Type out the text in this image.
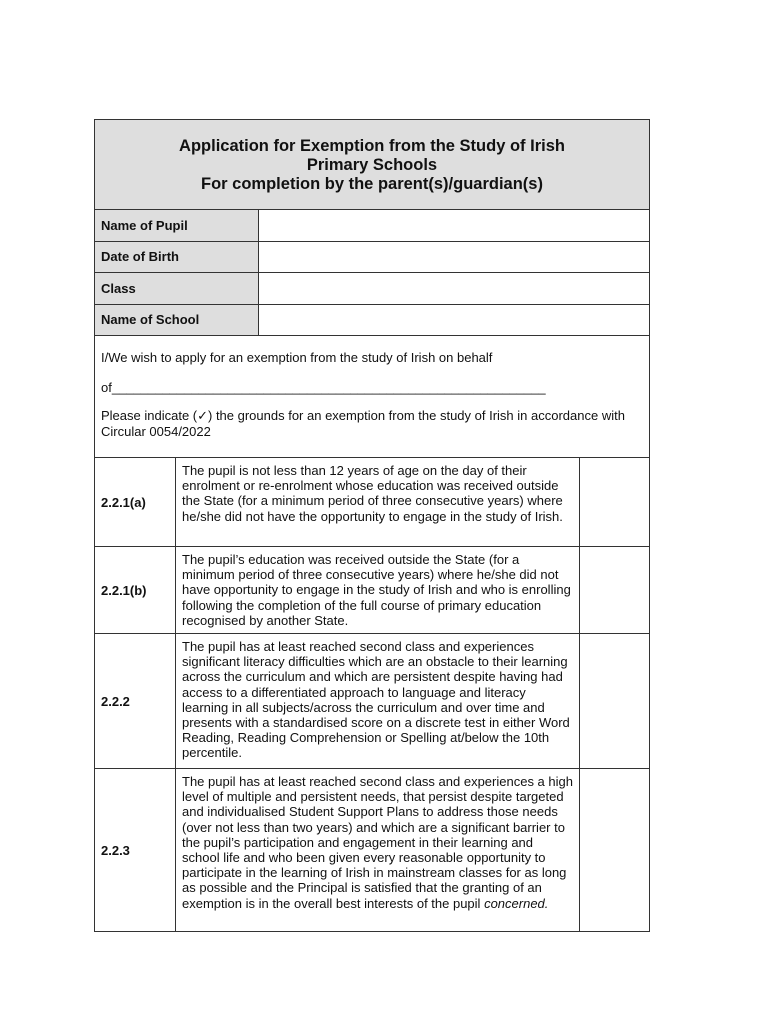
Application for Exemption from the Study of Irish
Primary Schools
For completion by the parent(s)/guardian(s)
Name of Pupil
Date of Birth
Class
Name of School

I/We wish to apply for an exemption from the study of Irish on behalf

of____________________________________________________________

Please indicate (✓) the grounds for an exemption from the study of Irish in accordance with Circular 0054/2022

2.2.1(a)
The pupil is not less than 12 years of age on the day of their enrolment or re-enrolment whose education was received outside the State (for a minimum period of three consecutive years) where he/she did not have the opportunity to engage in the study of Irish.
2.2.1(b)
The pupil’s education was received outside the State (for a minimum period of three consecutive years) where he/she did not have opportunity to engage in the study of Irish and who is enrolling following the completion of the full course of primary education recognised by another State.
2.2.2
The pupil has at least reached second class and experiences significant literacy difficulties which are an obstacle to their learning across the curriculum and which are persistent despite having had access to a differentiated approach to language and literacy learning in all subjects/across the curriculum and over time and presents with a standardised score on a discrete test in either Word Reading, Reading Comprehension or Spelling at/below the 10th percentile.
2.2.3
The pupil has at least reached second class and experiences a high level of multiple and persistent needs, that persist despite targeted and individualised Student Support Plans to address those needs (over not less than two years) and which are a significant barrier to the pupil’s participation and engagement in their learning and school life and who been given every reasonable opportunity to participate in the learning of Irish in mainstream classes for as long as possible and the Principal is satisfied that the granting of an exemption is in the overall best interests of the pupil concerned.
